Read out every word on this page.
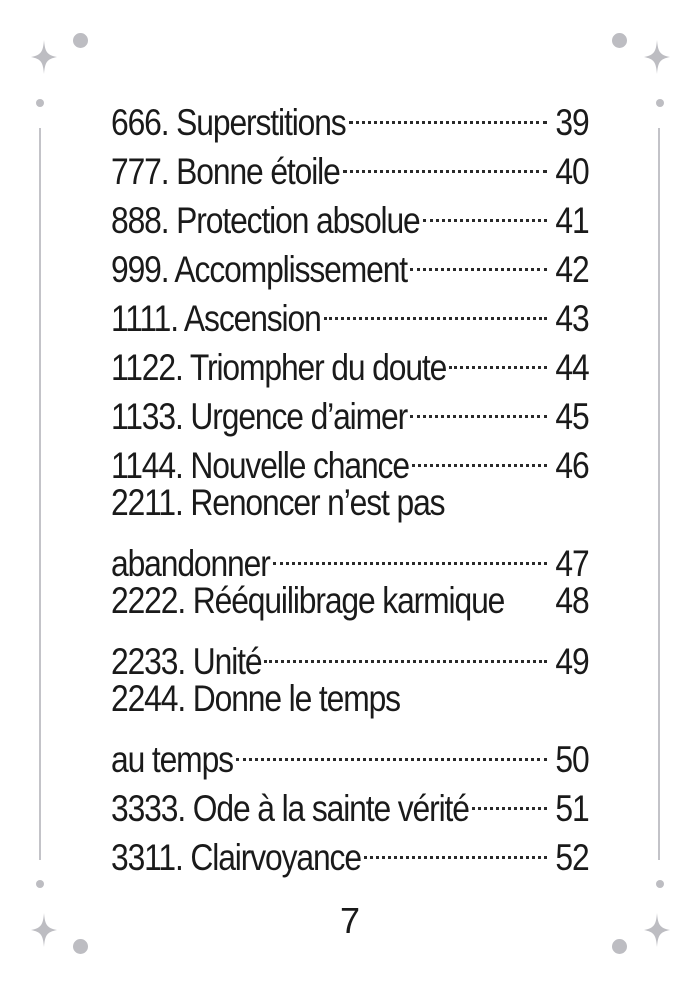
666. Superstitions	39
777. Bonne étoile	40
888. Protection absolue	41
999. Accomplissement	42
1111. Ascension	43
1122. Triompher du doute	44
1133. Urgence d’aimer	45
1144. Nouvelle chance	46
2211. Renoncer n’est pas
abandonner	47
2222. Rééquilibrage karmique 48
2233. Unité	49
2244. Donne le temps
au temps	50
3333. Ode à la sainte vérité 51
3311. Clairvoyance	52
7
